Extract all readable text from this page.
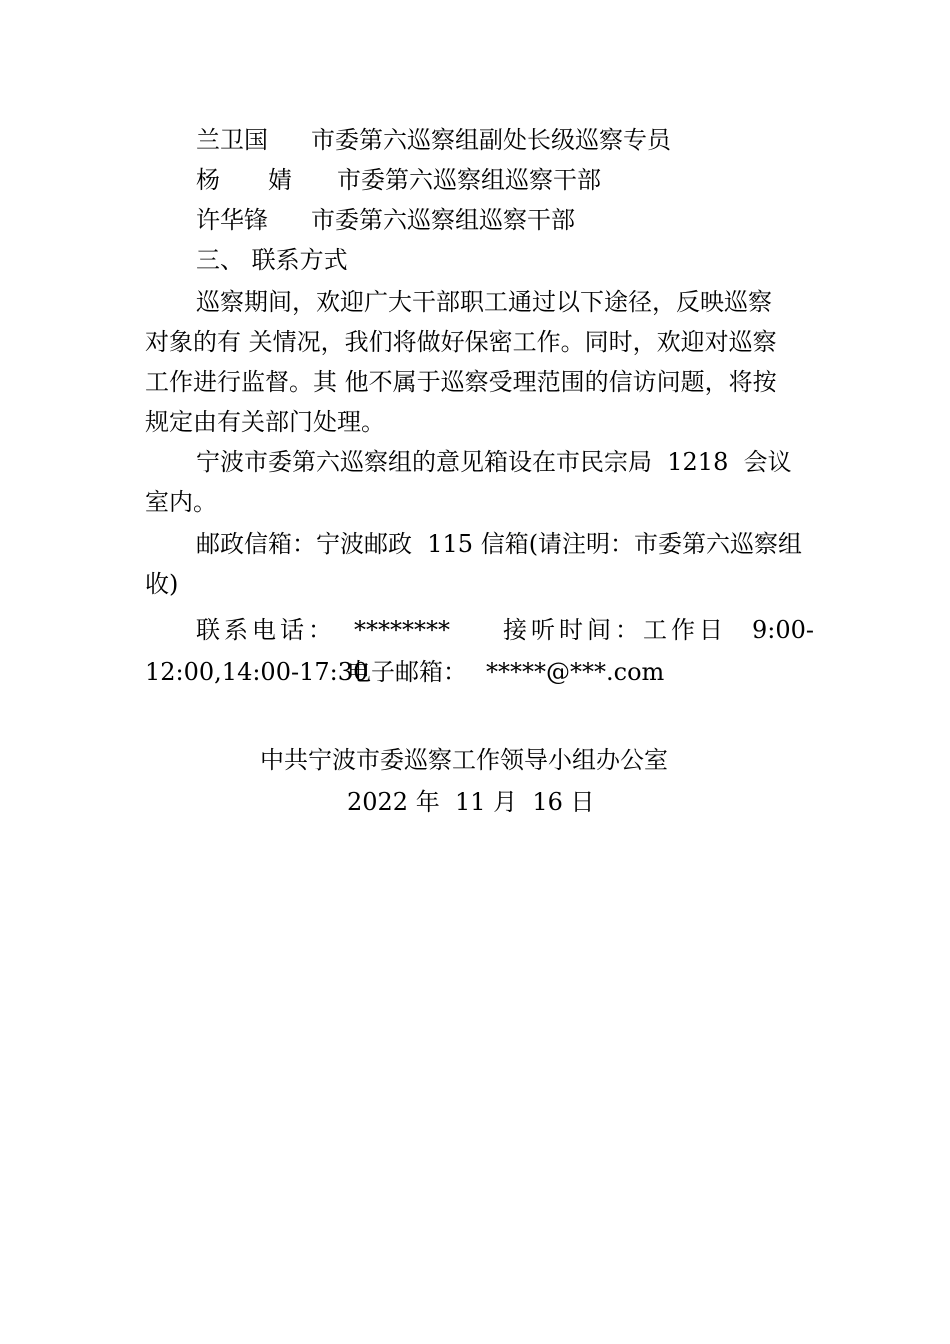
兰卫国 市委第六巡察组副处长级巡察专员
杨　　婧 市委第六巡察组巡察干部
许华锋 市委第六巡察组巡察干部
三、 联系方式
巡察期间，欢迎广大干部职工通过以下途径，反映巡察
对象的有 关情况，我们将做好保密工作。同时，欢迎对巡察
工作进行监督。其 他不属于巡察受理范围的信访问题，将按
规定由有关部门处理。
宁波市委第六巡察组的意见箱设在市民宗局  1218  会议
室内。
邮政信箱：宁波邮政  115 信箱(请注明：市委第六巡察组
收)
联系电话： ******** 接听时间：工作日 9:00-
12:00,14:00-17:30
电子邮箱： *****@***.com
中共宁波市委巡察工作领导小组办公室
2022 年  11 月  16 日
